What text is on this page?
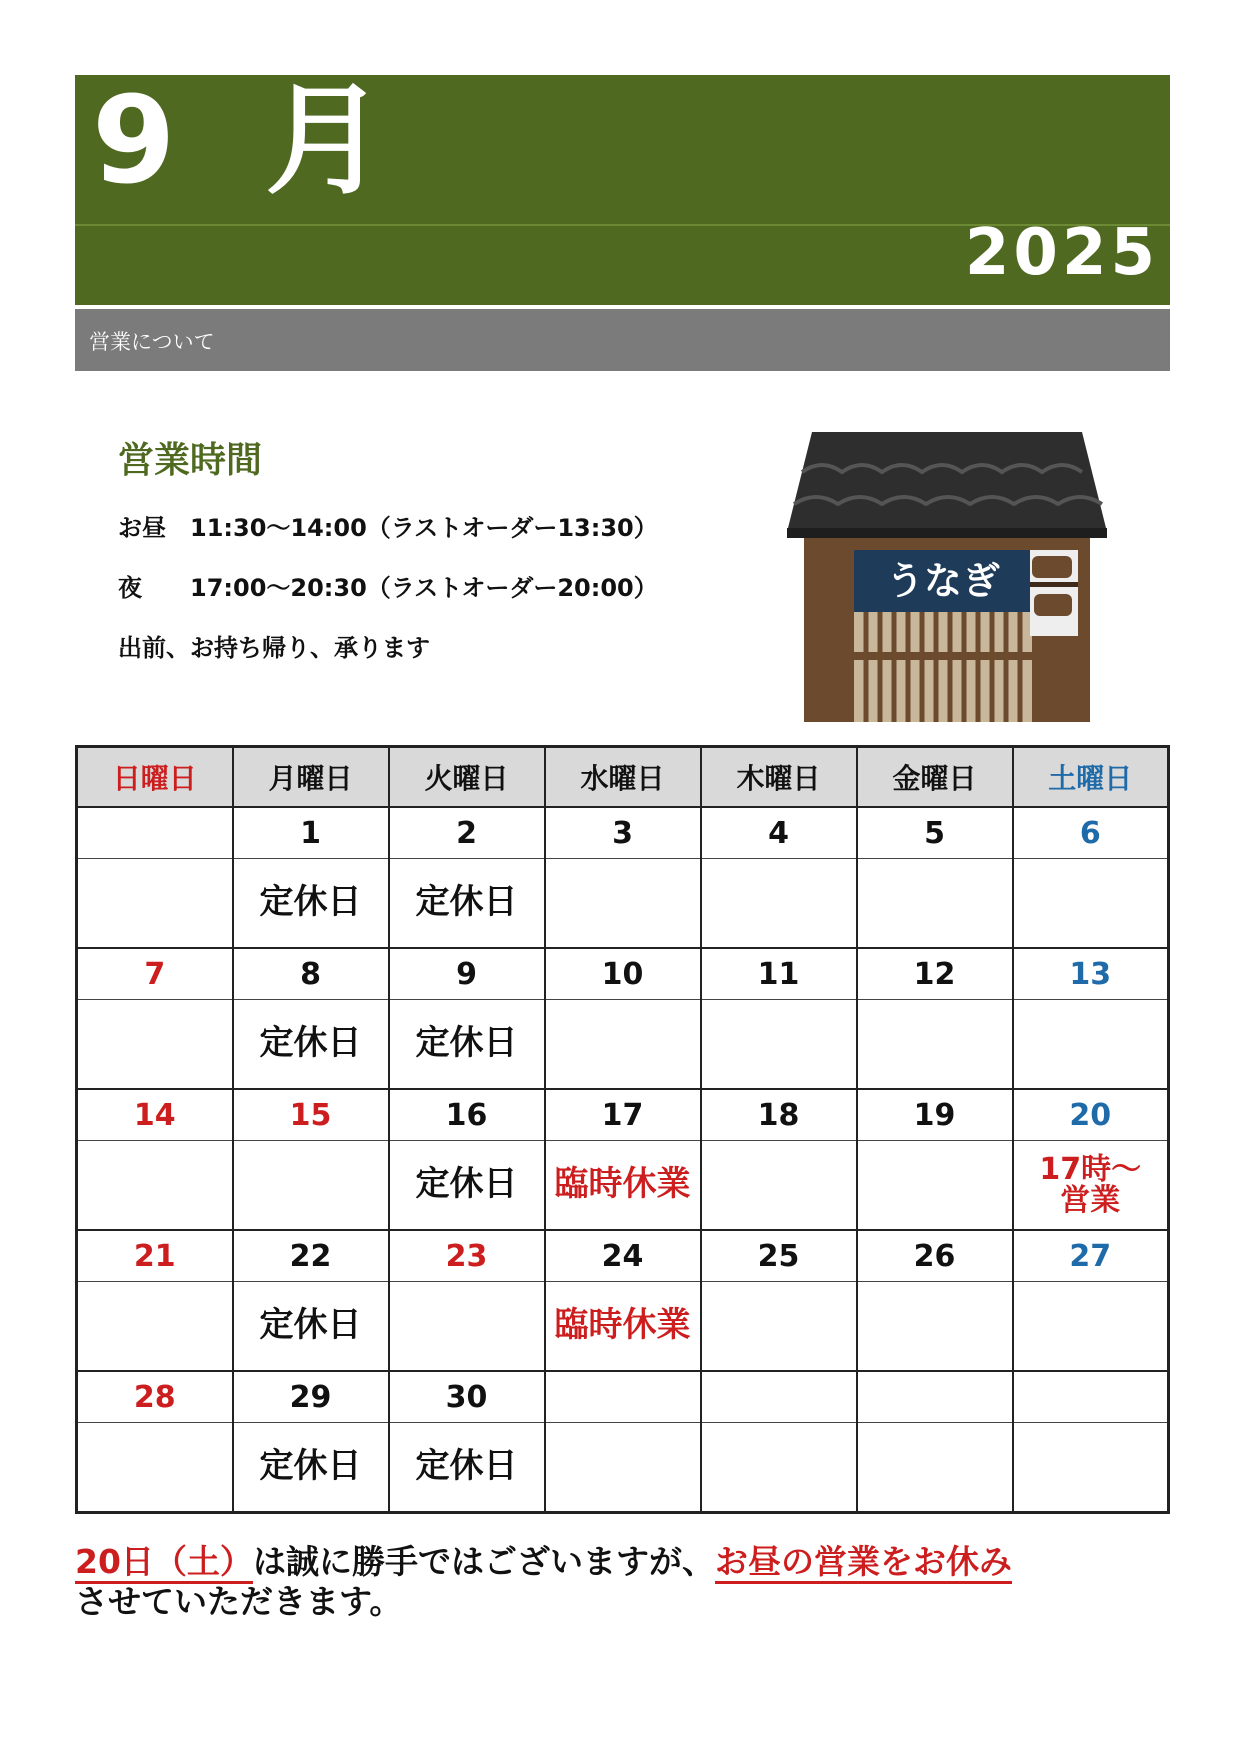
9 月
2025
営業について
営業時間
お昼 11:30〜14:00（ラストオーダー13:30）
夜 17:00〜20:30（ラストオーダー20:00）
出前、お持ち帰り、承ります
うなぎ
日曜日	月曜日	火曜日	水曜日	木曜日	金曜日	土曜日
	1	2	3	4	5	6
	定休日	定休日				
7	8	9	10	11	12	13
	定休日	定休日				
14	15	16	17	18	19	20
		定休日	臨時休業			17時〜
営業
21	22	23	24	25	26	27
	定休日		臨時休業			
28	29	30				
	定休日	定休日				
20日（土）は誠に勝手ではございますが、お昼の営業をお休み
させていただきます。
